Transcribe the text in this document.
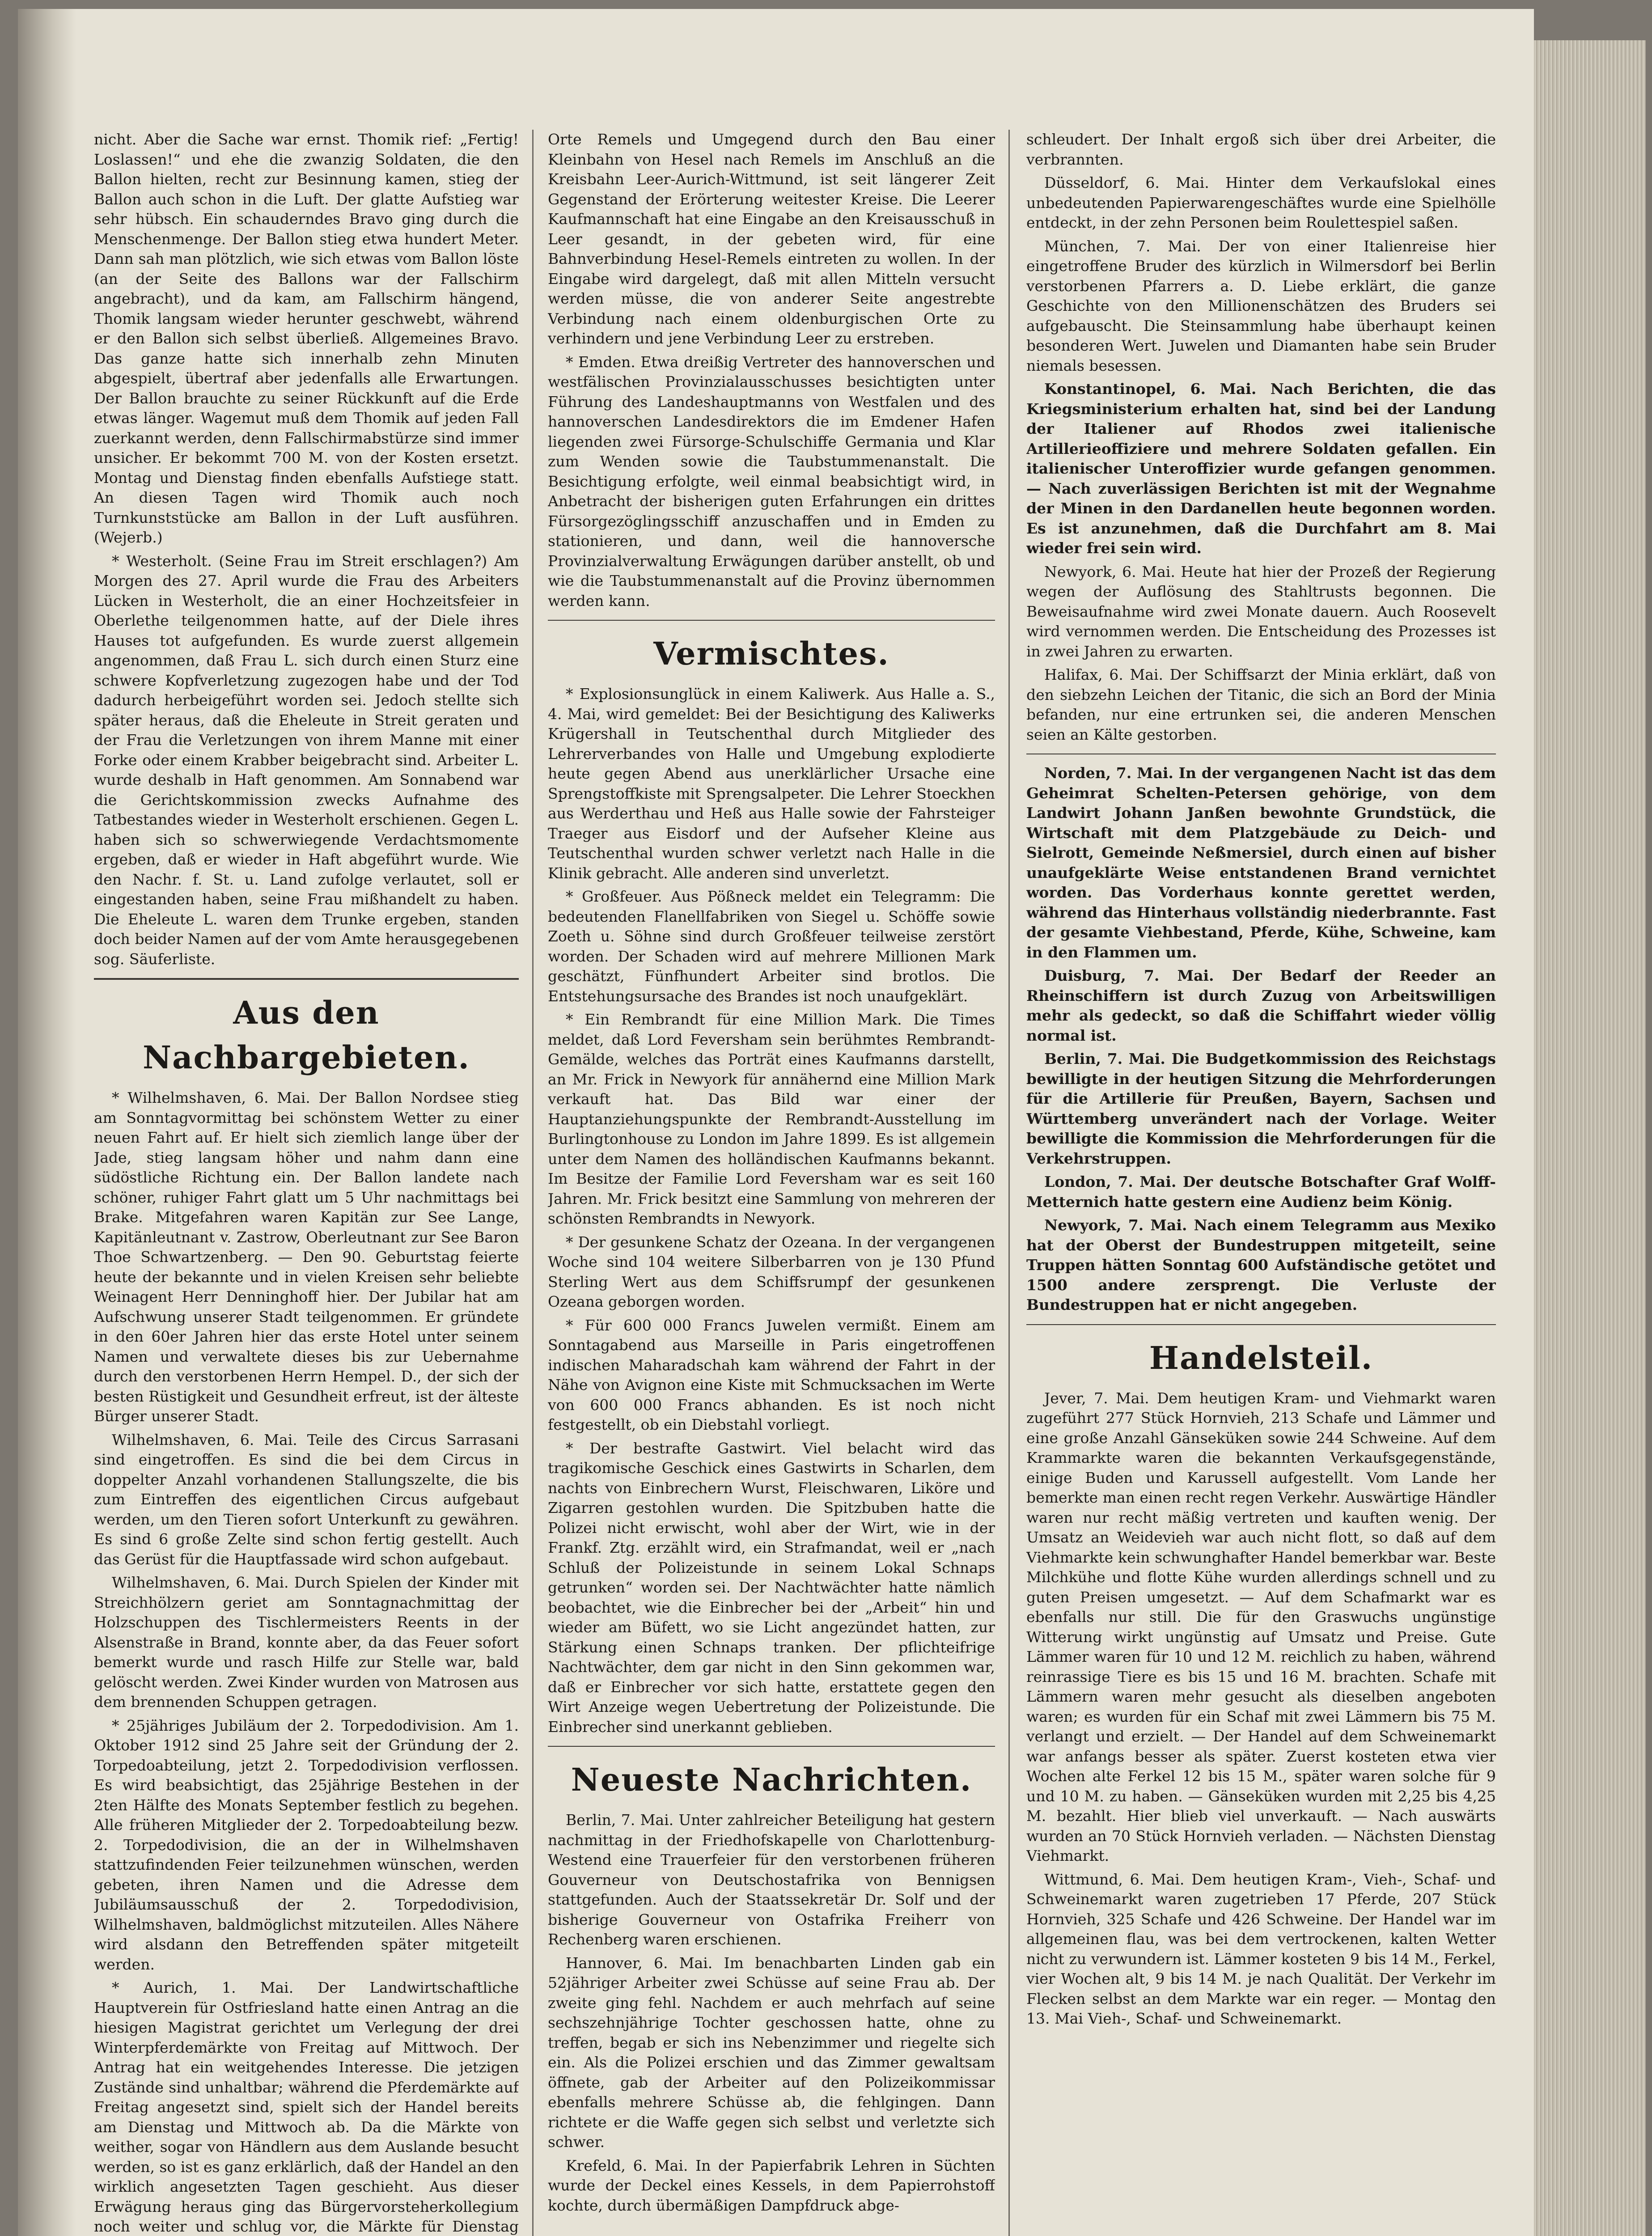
nicht. Aber die Sache war ernst. Thomik rief: „Fertig! Loslassen!“ und ehe die zwanzig Soldaten, die den Ballon hielten, recht zur Besinnung kamen, stieg der Ballon auch schon in die Luft. Der glatte Aufstieg war sehr hübsch. Ein schauderndes Bravo ging durch die Menschenmenge. Der Ballon stieg etwa hundert Meter. Dann sah man plötzlich, wie sich etwas vom Ballon löste (an der Seite des Ballons war der Fallschirm angebracht), und da kam, am Fallschirm hängend, Thomik langsam wieder herunter geschwebt, während er den Ballon sich selbst überließ. Allgemeines Bravo. Das ganze hatte sich innerhalb zehn Minuten abgespielt, übertraf aber jedenfalls alle Erwartungen. Der Ballon brauchte zu seiner Rückkunft auf die Erde etwas länger. Wagemut muß dem Thomik auf jeden Fall zuerkannt werden, denn Fallschirmabstürze sind immer unsicher. Er bekommt 700 M. von der Kosten ersetzt. Montag und Dienstag finden ebenfalls Aufstiege statt. An diesen Tagen wird Thomik auch noch Turnkunststücke am Ballon in der Luft ausführen. (Wejerb.)

* Westerholt. (Seine Frau im Streit erschlagen?) Am Morgen des 27. April wurde die Frau des Arbeiters Lücken in Westerholt, die an einer Hochzeitsfeier in Oberlethe teilgenommen hatte, auf der Diele ihres Hauses tot aufgefunden. Es wurde zuerst allgemein angenommen, daß Frau L. sich durch einen Sturz eine schwere Kopfverletzung zugezogen habe und der Tod dadurch herbeigeführt worden sei. Jedoch stellte sich später heraus, daß die Eheleute in Streit geraten und der Frau die Verletzungen von ihrem Manne mit einer Forke oder einem Krabber beigebracht sind. Arbeiter L. wurde deshalb in Haft genommen. Am Sonnabend war die Gerichtskommission zwecks Aufnahme des Tatbestandes wieder in Westerholt erschienen. Gegen L. haben sich so schwerwiegende Verdachtsmomente ergeben, daß er wieder in Haft abgeführt wurde. Wie den Nachr. f. St. u. Land zufolge verlautet, soll er eingestanden haben, seine Frau mißhandelt zu haben. Die Eheleute L. waren dem Trunke ergeben, standen doch beider Namen auf der vom Amte herausgegebenen sog. Säuferliste.

Aus den Nachbargebieten.

* Wilhelmshaven, 6. Mai. Der Ballon Nordsee stieg am Sonntagvormittag bei schönstem Wetter zu einer neuen Fahrt auf. Er hielt sich ziemlich lange über der Jade, stieg langsam höher und nahm dann eine südöstliche Richtung ein. Der Ballon landete nach schöner, ruhiger Fahrt glatt um 5 Uhr nachmittags bei Brake. Mitgefahren waren Kapitän zur See Lange, Kapitänleutnant v. Zastrow, Oberleutnant zur See Baron Thoe Schwartzenberg. — Den 90. Geburtstag feierte heute der bekannte und in vielen Kreisen sehr beliebte Weinagent Herr Denninghoff hier. Der Jubilar hat am Aufschwung unserer Stadt teilgenommen. Er gründete in den 60er Jahren hier das erste Hotel unter seinem Namen und verwaltete dieses bis zur Uebernahme durch den verstorbenen Herrn Hempel. D., der sich der besten Rüstigkeit und Gesundheit erfreut, ist der älteste Bürger unserer Stadt.

Wilhelmshaven, 6. Mai. Teile des Circus Sarrasani sind eingetroffen. Es sind die bei dem Circus in doppelter Anzahl vorhandenen Stallungszelte, die bis zum Eintreffen des eigentlichen Circus aufgebaut werden, um den Tieren sofort Unterkunft zu gewähren. Es sind 6 große Zelte sind schon fertig gestellt. Auch das Gerüst für die Hauptfassade wird schon aufgebaut.

Wilhelmshaven, 6. Mai. Durch Spielen der Kinder mit Streichhölzern geriet am Sonntagnachmittag der Holzschuppen des Tischlermeisters Reents in der Alsenstraße in Brand, konnte aber, da das Feuer sofort bemerkt wurde und rasch Hilfe zur Stelle war, bald gelöscht werden. Zwei Kinder wurden von Matrosen aus dem brennenden Schuppen getragen.

* 25jähriges Jubiläum der 2. Torpedodivision. Am 1. Oktober 1912 sind 25 Jahre seit der Gründung der 2. Torpedoabteilung, jetzt 2. Torpedodivision verflossen. Es wird beabsichtigt, das 25jährige Bestehen in der 2ten Hälfte des Monats September festlich zu begehen. Alle früheren Mitglieder der 2. Torpedoabteilung bezw. 2. Torpedodivision, die an der in Wilhelmshaven stattzufindenden Feier teilzunehmen wünschen, werden gebeten, ihren Namen und die Adresse dem Jubiläumsausschuß der 2. Torpedodivision, Wilhelmshaven, baldmöglichst mitzuteilen. Alles Nähere wird alsdann den Betreffenden später mitgeteilt werden.

* Aurich, 1. Mai. Der Landwirtschaftliche Hauptverein für Ostfriesland hatte einen Antrag an die hiesigen Magistrat gerichtet um Verlegung der drei Winterpferdemärkte von Freitag auf Mittwoch. Der Antrag hat ein weitgehendes Interesse. Die jetzigen Zustände sind unhaltbar; während die Pferdemärkte auf Freitag angesetzt sind, spielt sich der Handel bereits am Dienstag und Mittwoch ab. Da die Märkte von weither, sogar von Händlern aus dem Auslande besucht werden, so ist es ganz erklärlich, daß der Handel an den wirklich angesetzten Tagen geschieht. Aus dieser Erwägung heraus ging das Bürgervorsteherkollegium noch weiter und schlug vor, die Märkte für Dienstag

Orte Remels und Umgegend durch den Bau einer Kleinbahn von Hesel nach Remels im Anschluß an die Kreisbahn Leer-Aurich-Wittmund, ist seit längerer Zeit Gegenstand der Erörterung weitester Kreise. Die Leerer Kaufmannschaft hat eine Eingabe an den Kreisausschuß in Leer gesandt, in der gebeten wird, für eine Bahnverbindung Hesel-Remels eintreten zu wollen. In der Eingabe wird dargelegt, daß mit allen Mitteln versucht werden müsse, die von anderer Seite angestrebte Verbindung nach einem oldenburgischen Orte zu verhindern und jene Verbindung Leer zu erstreben.

* Emden. Etwa dreißig Vertreter des hannoverschen und westfälischen Provinzialausschusses besichtigten unter Führung des Landeshauptmanns von Westfalen und des hannoverschen Landesdirektors die im Emdener Hafen liegenden zwei Fürsorge-Schulschiffe Germania und Klar zum Wenden sowie die Taubstummenanstalt. Die Besichtigung erfolgte, weil einmal beabsichtigt wird, in Anbetracht der bisherigen guten Erfahrungen ein drittes Fürsorgezöglingsschiff anzuschaffen und in Emden zu stationieren, und dann, weil die hannoversche Provinzialverwaltung Erwägungen darüber anstellt, ob und wie die Taubstummenanstalt auf die Provinz übernommen werden kann.

Vermischtes.

* Explosionsunglück in einem Kaliwerk. Aus Halle a. S., 4. Mai, wird gemeldet: Bei der Besichtigung des Kaliwerks Krügershall in Teutschenthal durch Mitglieder des Lehrerverbandes von Halle und Umgebung explodierte heute gegen Abend aus unerklärlicher Ursache eine Sprengstoffkiste mit Sprengsalpeter. Die Lehrer Stoeckhen aus Werderthau und Heß aus Halle sowie der Fahrsteiger Traeger aus Eisdorf und der Aufseher Kleine aus Teutschenthal wurden schwer verletzt nach Halle in die Klinik gebracht. Alle anderen sind unverletzt.

* Großfeuer. Aus Pößneck meldet ein Telegramm: Die bedeutenden Flanellfabriken von Siegel u. Schöffe sowie Zoeth u. Söhne sind durch Großfeuer teilweise zerstört worden. Der Schaden wird auf mehrere Millionen Mark geschätzt, Fünfhundert Arbeiter sind brotlos. Die Entstehungsursache des Brandes ist noch unaufgeklärt.

* Ein Rembrandt für eine Million Mark. Die Times meldet, daß Lord Feversham sein berühmtes Rembrandt-Gemälde, welches das Porträt eines Kaufmanns darstellt, an Mr. Frick in Newyork für annähernd eine Million Mark verkauft hat. Das Bild war einer der Hauptanziehungspunkte der Rembrandt-Ausstellung im Burlingtonhouse zu London im Jahre 1899. Es ist allgemein unter dem Namen des holländischen Kaufmanns bekannt. Im Besitze der Familie Lord Feversham war es seit 160 Jahren. Mr. Frick besitzt eine Sammlung von mehreren der schönsten Rembrandts in Newyork.

* Der gesunkene Schatz der Ozeana. In der vergangenen Woche sind 104 weitere Silberbarren von je 130 Pfund Sterling Wert aus dem Schiffsrumpf der gesunkenen Ozeana geborgen worden.

* Für 600 000 Francs Juwelen vermißt. Einem am Sonntagabend aus Marseille in Paris eingetroffenen indischen Maharadschah kam während der Fahrt in der Nähe von Avignon eine Kiste mit Schmucksachen im Werte von 600 000 Francs abhanden. Es ist noch nicht festgestellt, ob ein Diebstahl vorliegt.

* Der bestrafte Gastwirt. Viel belacht wird das tragikomische Geschick eines Gastwirts in Scharlen, dem nachts von Einbrechern Wurst, Fleischwaren, Liköre und Zigarren gestohlen wurden. Die Spitzbuben hatte die Polizei nicht erwischt, wohl aber der Wirt, wie in der Frankf. Ztg. erzählt wird, ein Strafmandat, weil er „nach Schluß der Polizeistunde in seinem Lokal Schnaps getrunken“ worden sei. Der Nachtwächter hatte nämlich beobachtet, wie die Einbrecher bei der „Arbeit“ hin und wieder am Büfett, wo sie Licht angezündet hatten, zur Stärkung einen Schnaps tranken. Der pflichteifrige Nachtwächter, dem gar nicht in den Sinn gekommen war, daß er Einbrecher vor sich hatte, erstattete gegen den Wirt Anzeige wegen Uebertretung der Polizeistunde. Die Einbrecher sind unerkannt geblieben.

Neueste Nachrichten.

Berlin, 7. Mai. Unter zahlreicher Beteiligung hat gestern nachmittag in der Friedhofskapelle von Charlottenburg-Westend eine Trauerfeier für den verstorbenen früheren Gouverneur von Deutschostafrika von Bennigsen stattgefunden. Auch der Staatssekretär Dr. Solf und der bisherige Gouverneur von Ostafrika Freiherr von Rechenberg waren erschienen.

Hannover, 6. Mai. Im benachbarten Linden gab ein 52jähriger Arbeiter zwei Schüsse auf seine Frau ab. Der zweite ging fehl. Nachdem er auch mehrfach auf seine sechszehnjährige Tochter geschossen hatte, ohne zu treffen, begab er sich ins Nebenzimmer und riegelte sich ein. Als die Polizei erschien und das Zimmer gewaltsam öffnete, gab der Arbeiter auf den Polizeikommissar ebenfalls mehrere Schüsse ab, die fehlgingen. Dann richtete er die Waffe gegen sich selbst und verletzte sich schwer.

Krefeld, 6. Mai. In der Papierfabrik Lehren in Süchten wurde der Deckel eines Kessels, in dem Papierrohstoff kochte, durch übermäßigen Dampfdruck abge-

schleudert. Der Inhalt ergoß sich über drei Arbeiter, die verbrannten.

Düsseldorf, 6. Mai. Hinter dem Verkaufslokal eines unbedeutenden Papierwarengeschäftes wurde eine Spielhölle entdeckt, in der zehn Personen beim Roulettespiel saßen.

München, 7. Mai. Der von einer Italienreise hier eingetroffene Bruder des kürzlich in Wilmersdorf bei Berlin verstorbenen Pfarrers a. D. Liebe erklärt, die ganze Geschichte von den Millionenschätzen des Bruders sei aufgebauscht. Die Steinsammlung habe überhaupt keinen besonderen Wert. Juwelen und Diamanten habe sein Bruder niemals besessen.

Konstantinopel, 6. Mai. Nach Berichten, die das Kriegsministerium erhalten hat, sind bei der Landung der Italiener auf Rhodos zwei italienische Artillerieoffiziere und mehrere Soldaten gefallen. Ein italienischer Unteroffizier wurde gefangen genommen. — Nach zuverlässigen Berichten ist mit der Wegnahme der Minen in den Dardanellen heute begonnen worden. Es ist anzunehmen, daß die Durchfahrt am 8. Mai wieder frei sein wird.

Newyork, 6. Mai. Heute hat hier der Prozeß der Regierung wegen der Auflösung des Stahltrusts begonnen. Die Beweisaufnahme wird zwei Monate dauern. Auch Roosevelt wird vernommen werden. Die Entscheidung des Prozesses ist in zwei Jahren zu erwarten.

Halifax, 6. Mai. Der Schiffsarzt der Minia erklärt, daß von den siebzehn Leichen der Titanic, die sich an Bord der Minia befanden, nur eine ertrunken sei, die anderen Menschen seien an Kälte gestorben.

Norden, 7. Mai. In der vergangenen Nacht ist das dem Geheimrat Schelten-Petersen gehörige, von dem Landwirt Johann Janßen bewohnte Grundstück, die Wirtschaft mit dem Platzgebäude zu Deich- und Sielrott, Gemeinde Neßmersiel, durch einen auf bisher unaufgeklärte Weise entstandenen Brand vernichtet worden. Das Vorderhaus konnte gerettet werden, während das Hinterhaus vollständig niederbrannte. Fast der gesamte Viehbestand, Pferde, Kühe, Schweine, kam in den Flammen um.

Duisburg, 7. Mai. Der Bedarf der Reeder an Rheinschiffern ist durch Zuzug von Arbeitswilligen mehr als gedeckt, so daß die Schiffahrt wieder völlig normal ist.

Berlin, 7. Mai. Die Budgetkommission des Reichstags bewilligte in der heutigen Sitzung die Mehrforderungen für die Artillerie für Preußen, Bayern, Sachsen und Württemberg unverändert nach der Vorlage. Weiter bewilligte die Kommission die Mehrforderungen für die Verkehrstruppen.

London, 7. Mai. Der deutsche Botschafter Graf Wolff-Metternich hatte gestern eine Audienz beim König.

Newyork, 7. Mai. Nach einem Telegramm aus Mexiko hat der Oberst der Bundestruppen mitgeteilt, seine Truppen hätten Sonntag 600 Aufständische getötet und 1500 andere zersprengt. Die Verluste der Bundestruppen hat er nicht angegeben.

Handelsteil.

Jever, 7. Mai. Dem heutigen Kram- und Viehmarkt waren zugeführt 277 Stück Hornvieh, 213 Schafe und Lämmer und eine große Anzahl Gänseküken sowie 244 Schweine. Auf dem Krammarkte waren die bekannten Verkaufsgegenstände, einige Buden und Karussell aufgestellt. Vom Lande her bemerkte man einen recht regen Verkehr. Auswärtige Händler waren nur recht mäßig vertreten und kauften wenig. Der Umsatz an Weidevieh war auch nicht flott, so daß auf dem Viehmarkte kein schwunghafter Handel bemerkbar war. Beste Milchkühe und flotte Kühe wurden allerdings schnell und zu guten Preisen umgesetzt. — Auf dem Schafmarkt war es ebenfalls nur still. Die für den Graswuchs ungünstige Witterung wirkt ungünstig auf Umsatz und Preise. Gute Lämmer waren für 10 und 12 M. reichlich zu haben, während reinrassige Tiere es bis 15 und 16 M. brachten. Schafe mit Lämmern waren mehr gesucht als dieselben angeboten waren; es wurden für ein Schaf mit zwei Lämmern bis 75 M. verlangt und erzielt. — Der Handel auf dem Schweinemarkt war anfangs besser als später. Zuerst kosteten etwa vier Wochen alte Ferkel 12 bis 15 M., später waren solche für 9 und 10 M. zu haben. — Gänseküken wurden mit 2,25 bis 4,25 M. bezahlt. Hier blieb viel unverkauft. — Nach auswärts wurden an 70 Stück Hornvieh verladen. — Nächsten Dienstag Viehmarkt.

Wittmund, 6. Mai. Dem heutigen Kram-, Vieh-, Schaf- und Schweinemarkt waren zugetrieben 17 Pferde, 207 Stück Hornvieh, 325 Schafe und 426 Schweine. Der Handel war im allgemeinen flau, was bei dem vertrockenen, kalten Wetter nicht zu verwundern ist. Lämmer kosteten 9 bis 14 M., Ferkel, vier Wochen alt, 9 bis 14 M. je nach Qualität. Der Verkehr im Flecken selbst an dem Markte war ein reger. — Montag den 13. Mai Vieh-, Schaf- und Schweinemarkt.
